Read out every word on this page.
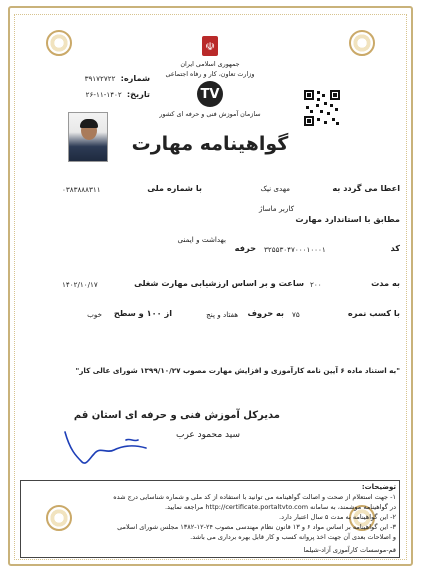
☫
جمهوری اسلامی ایران
وزارت تعاون، کار و رفاه اجتماعی
TV
سازمان آموزش فنی و حرفه ای کشور
شماره: ۳۹۱۷۲۷۲۲
تاریخ: ۱۴۰۲-۱۱-۲۶
گواهینامه مهارت
اعطا می گردد به
مهدی نیک
با شماره ملی
۰۳۸۳۸۸۸۳۱۱
کاربر ماساژ
مطابق با استاندارد مهارت
کد
۳۲۵۵۳۰۴۷۰۰۰۱۰۰۰۱
حرفه
بهداشت و ایمنی
به مدت
۲۰۰
ساعت و بر اساس ارزشیابی مهارت شغلی
۱۴۰۲/۱۰/۱۷
با کسب نمره
۷۵
به حروف
هفتاد و پنج
از ۱۰۰ و سطح
خوب
"به استناد ماده ۶ آیین نامه کارآموزی و افزایش مهارت مصوب ۱۳۹۹/۱۰/۲۷ شورای عالی کار"
مدیرکل آموزش فنی و حرفه ای استان قم
سید محمود عرب
توضیحات:
۱- جهت استعلام از صحت و اصالت گواهینامه می توانید با استفاده از کد ملی و شماره شناسایی درج شده
در گواهینامه موشمند، به سامانه http://certificate.portaltvto.com مراجعه نمایید.
۲- این گواهینامه به مدت ۵ سال اعتبار دارد.
۳- این گواهینامه بر اساس مواد ۶ و ۱۳ قانون نظام مهندسی مصوب ۲۴-۱۲-۱۳۸۲ مجلس شورای اسلامی
و اصلاحات بعدی آن جهت اخذ پروانه کسب و کار قابل بهره برداری می باشد.
قم-موسسات کارآموزی آزاد-شیلما
